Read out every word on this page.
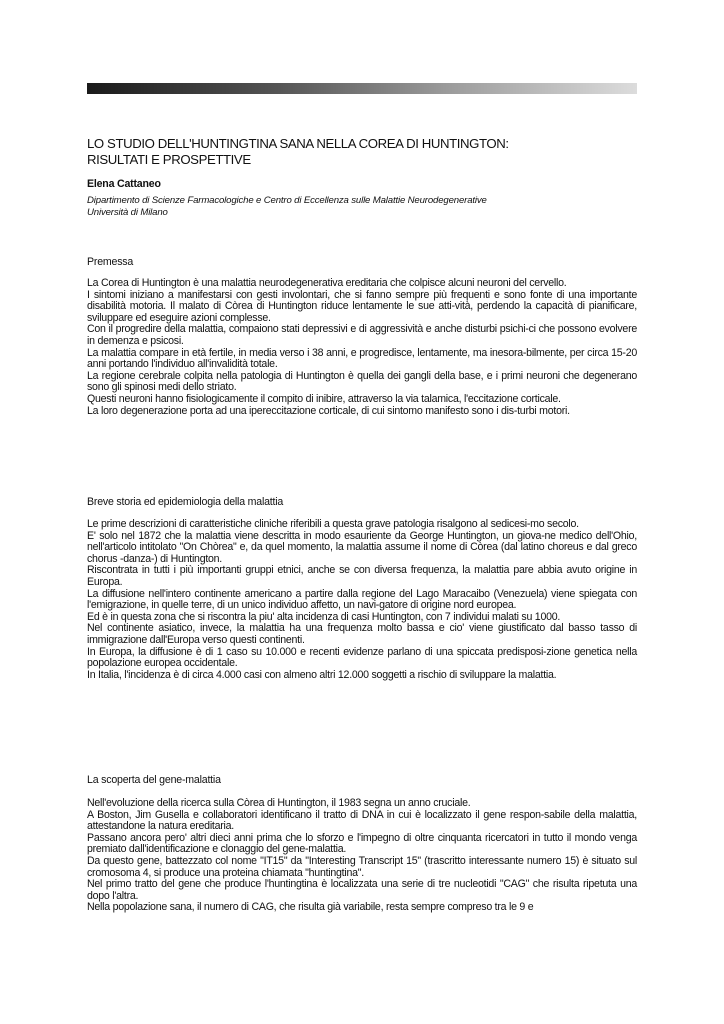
LO STUDIO DELL'HUNTINGTINA SANA NELLA COREA DI HUNTINGTON:
RISULTATI E PROSPETTIVE
Elena Cattaneo
Dipartimento di Scienze Farmacologiche e Centro di Eccellenza sulle Malattie Neurodegenerative
Università di Milano
Premessa

La Corea di Huntington è una malattia neurodegenerativa ereditaria che colpisce alcuni neuroni del cervello.

I sintomi iniziano a manifestarsi con gesti involontari, che si fanno sempre più frequenti e sono fonte di una importante disabilità motoria. Il malato di Còrea di Huntington riduce lentamente le sue atti-vità, perdendo la capacità di pianificare, sviluppare ed eseguire azioni complesse.

Con il progredire della malattia, compaiono stati depressivi e di aggressività e anche disturbi psichi-ci che possono evolvere in demenza e psicosi.

La malattia compare in età fertile, in media verso i 38 anni, e progredisce, lentamente, ma inesora-bilmente, per circa 15-20 anni portando l'individuo all'invalidità totale.

La regione cerebrale colpita nella patologia di Huntington è quella dei gangli della base, e i primi neuroni che degenerano sono gli spinosi medi dello striato.

Questi neuroni hanno fisiologicamente il compito di inibire, attraverso la via talamica, l'eccitazione corticale.

La loro degenerazione porta ad una ipereccitazione corticale, di cui sintomo manifesto sono i dis-turbi motori.

Breve storia ed epidemiologia della malattia

Le prime descrizioni di caratteristiche cliniche riferibili a questa grave patologia risalgono al sedicesi-mo secolo.

E' solo nel 1872 che la malattia viene descritta in modo esauriente da George Huntington, un giova-ne medico dell'Ohio, nell'articolo intitolato "On Chòrea" e, da quel momento, la malattia assume il nome di Còrea (dal latino choreus e dal greco chorus -danza-) di Huntington.

Riscontrata in tutti i più importanti gruppi etnici, anche se con diversa frequenza, la malattia pare abbia avuto origine in Europa.

La diffusione nell'intero continente americano a partire dalla regione del Lago Maracaibo (Venezuela) viene spiegata con l'emigrazione, in quelle terre, di un unico individuo affetto, un navi-gatore di origine nord europea.

Ed è in questa zona che si riscontra la piu' alta incidenza di casi Huntington, con 7 individui malati su 1000.

Nel continente asiatico, invece, la malattia ha una frequenza molto bassa e cio' viene giustificato dal basso tasso di immigrazione dall'Europa verso questi continenti.

In Europa, la diffusione è di 1 caso su 10.000 e recenti evidenze parlano di una spiccata predisposi-zione genetica nella popolazione europea occidentale.

In Italia, l'incidenza è di circa 4.000 casi con almeno altri 12.000 soggetti a rischio di sviluppare la malattia.

La scoperta del gene-malattia

Nell'evoluzione della ricerca sulla Còrea di Huntington, il 1983 segna un anno cruciale.

A Boston, Jim Gusella e collaboratori identificano il tratto di DNA in cui è localizzato il gene respon-sabile della malattia, attestandone la natura ereditaria.

Passano ancora pero' altri dieci anni prima che lo sforzo e l'impegno di oltre cinquanta ricercatori in tutto il mondo venga premiato dall'identificazione e clonaggio del gene-malattia.

Da questo gene, battezzato col nome "IT15" da "Interesting Transcript 15" (trascritto interessante numero 15) è situato sul cromosoma 4, si produce una proteina chiamata "huntingtina".

Nel primo tratto del gene che produce l'huntingtina è localizzata una serie di tre nucleotidi "CAG" che risulta ripetuta una dopo l'altra.

Nella popolazione sana, il numero di CAG, che risulta già variabile, resta sempre compreso tra le 9 e
